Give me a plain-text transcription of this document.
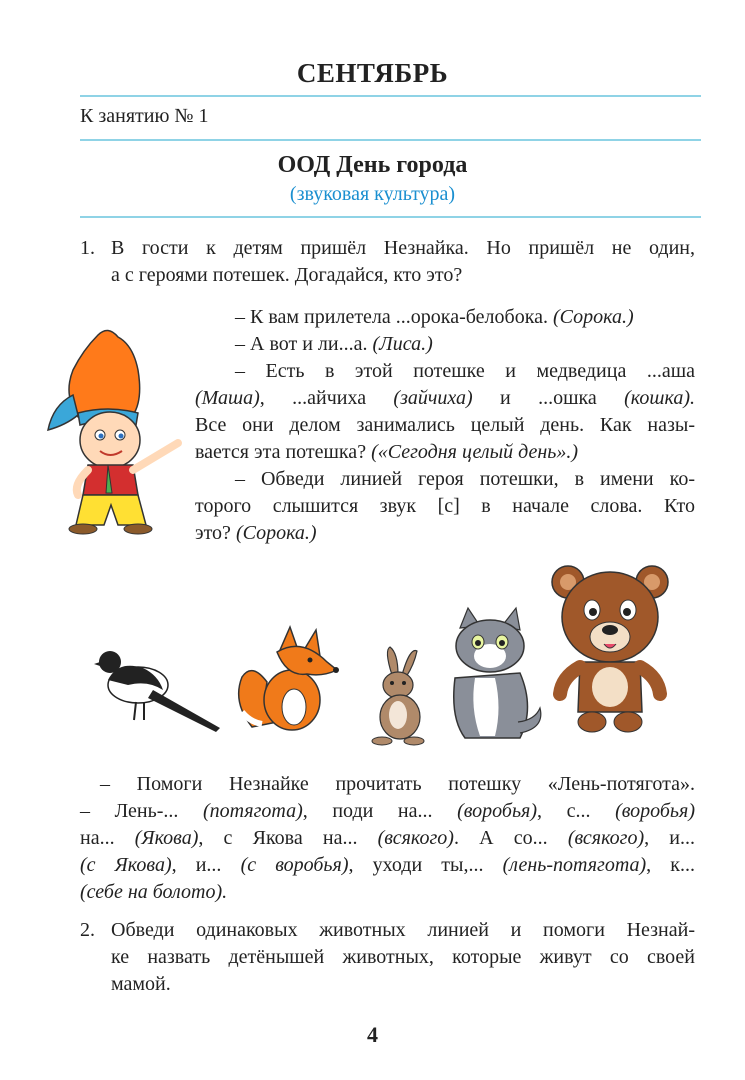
СЕНТЯБРЬ
К занятию № 1
ООД День города
(звуковая культура)
1. В гости к детям пришёл Незнайка. Но пришёл не один,
а с героями потешек. Догадайся, кто это?
– К вам прилетела ...орока-белобока. (Сорока.)
– А вот и ли...а. (Лиса.)
– Есть в этой потешке и медведица ...аша
(Маша), ...айчиха (зайчиха) и ...ошка (кошка).
Все они делом занимались целый день. Как назы-
вается эта потешка? («Сегодня целый день».)
– Обведи линией героя потешки, в имени ко-
торого слышится звук [с] в начале слова. Кто
это? (Сорока.)
– Помоги Незнайке прочитать потешку «Лень-потягота».
– Лень-... (потягота), поди на... (воробья), с... (воробья)
на... (Якова), с Якова на... (всякого). А со... (всякого), и...
(с Якова), и... (с воробья), уходи ты,... (лень-потягота), к...
(себе на болото).
2. Обведи одинаковых животных линией и помоги Незнай-
ке назвать детёнышей животных, которые живут со своей
мамой.
4
